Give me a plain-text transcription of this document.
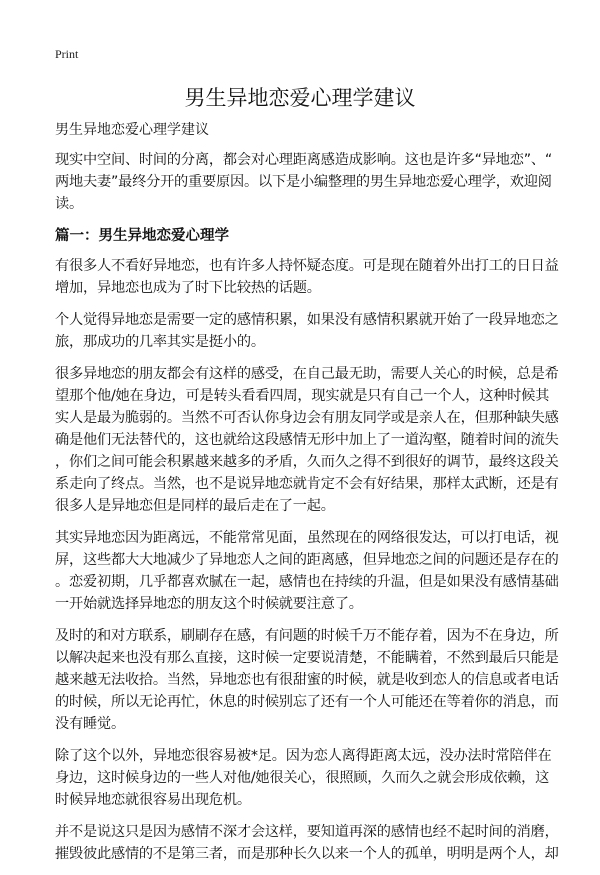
Print
男生异地恋爱心理学建议

男生异地恋爱心理学建议

现实中空间、时间的分离，都会对心理距离感造成影响。这也是许多“异地恋”、“
两地夫妻”最终分开的重要原因。以下是小编整理的男生异地恋爱心理学，欢迎阅
读。
篇一：男生异地恋爱心理学
有很多人不看好异地恋，也有许多人持怀疑态度。可是现在随着外出打工的日日益
增加，异地恋也成为了时下比较热的话题。
个人觉得异地恋是需要一定的感情积累，如果没有感情积累就开始了一段异地恋之
旅，那成功的几率其实是挺小的。
很多异地恋的朋友都会有这样的感受，在自己最无助，需要人关心的时候，总是希
望那个他/她在身边，可是转头看看四周，现实就是只有自己一个人，这种时候其
实人是最为脆弱的。当然不可否认你身边会有朋友同学或是亲人在，但那种缺失感
确是他们无法替代的，这也就给这段感情无形中加上了一道沟壑，随着时间的流失
，你们之间可能会积累越来越多的矛盾，久而久之得不到很好的调节，最终这段关
系走向了终点。当然，也不是说异地恋就肯定不会有好结果，那样太武断，还是有
很多人是异地恋但是同样的最后走在了一起。
其实异地恋因为距离远，不能常常见面，虽然现在的网络很发达，可以打电话，视
屏，这些都大大地减少了异地恋人之间的距离感，但异地恋之间的问题还是存在的
。恋爱初期，几乎都喜欢腻在一起，感情也在持续的升温，但是如果没有感情基础
一开始就选择异地恋的朋友这个时候就要注意了。
及时的和对方联系，刷刷存在感，有问题的时候千万不能存着，因为不在身边，所
以解决起来也没有那么直接，这时候一定要说清楚，不能瞒着，不然到最后只能是
越来越无法收拾。当然，异地恋也有很甜蜜的时候，就是收到恋人的信息或者电话
的时候，所以无论再忙，休息的时候别忘了还有一个人可能还在等着你的消息，而
没有睡觉。
除了这个以外，异地恋很容易被*足。因为恋人离得距离太远，没办法时常陪伴在
身边，这时候身边的一些人对他/她很关心，很照顾，久而久之就会形成依赖，这
时候异地恋就很容易出现危机。
并不是说这只是因为感情不深才会这样，要知道再深的感情也经不起时间的消磨，
摧毁彼此感情的不是第三者，而是那种长久以来一个人的孤单，明明是两个人，却
